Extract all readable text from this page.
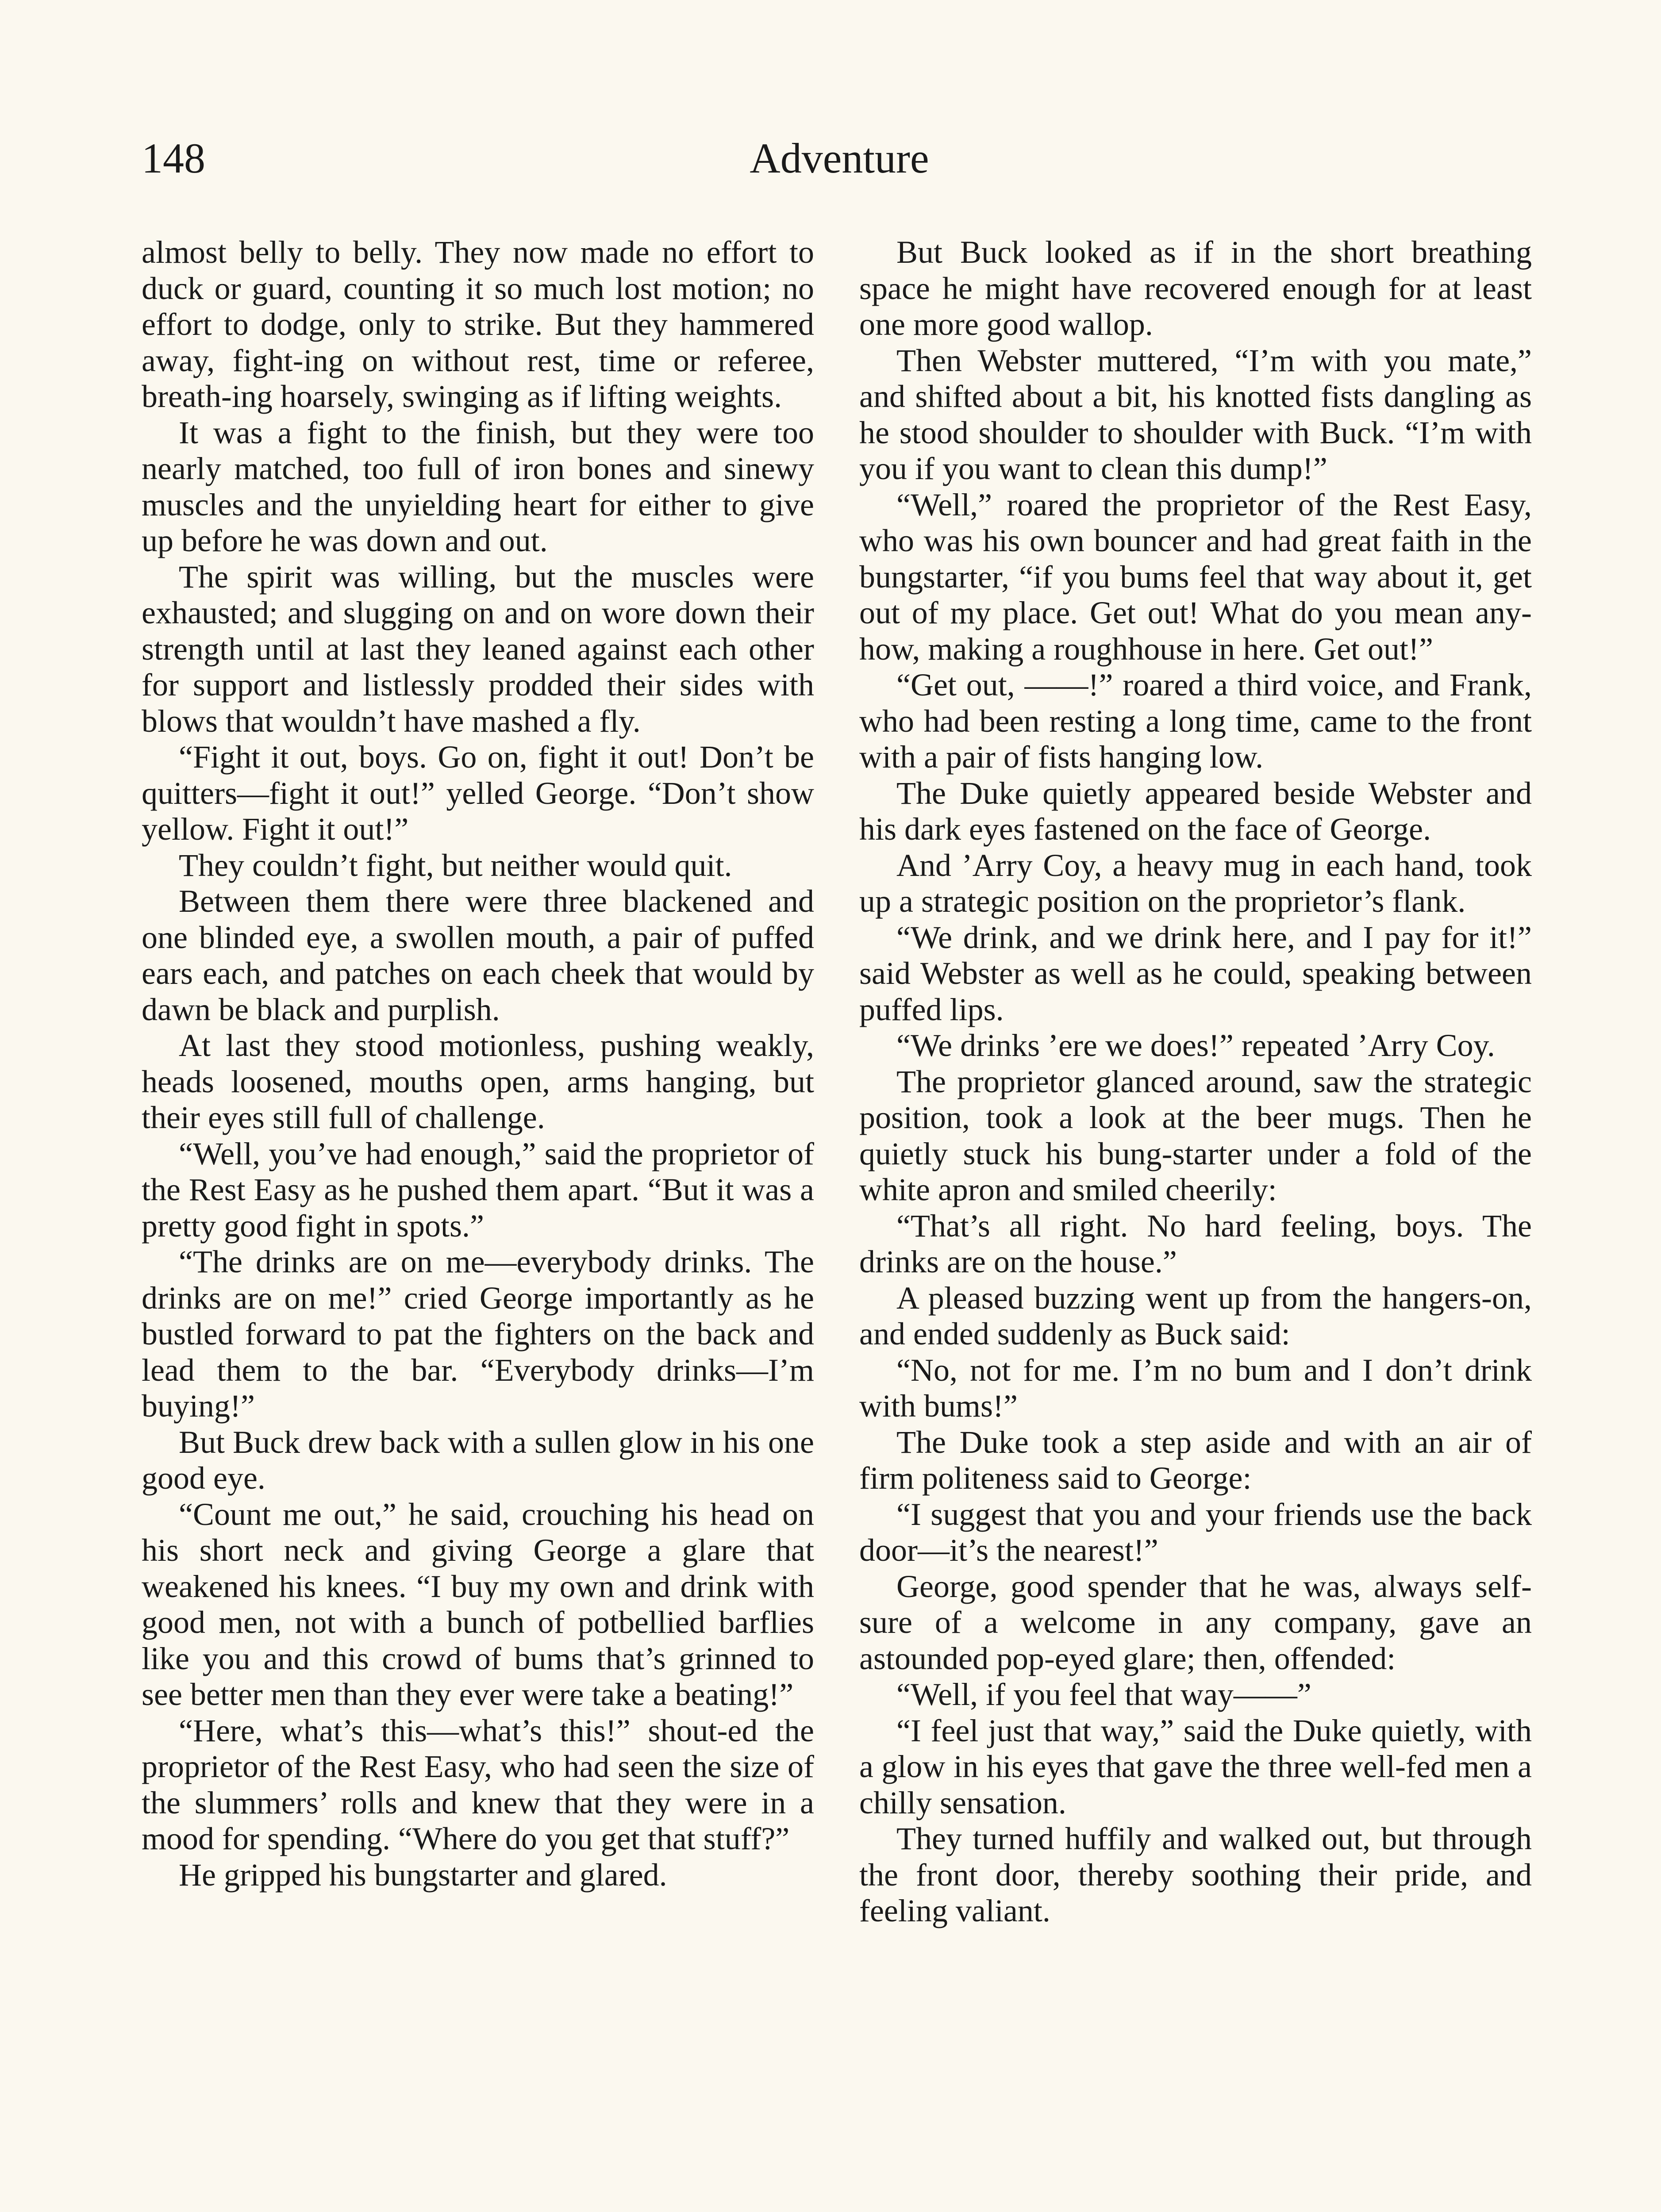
148	Adventure

almost belly to belly. They now made no effort to duck or guard, counting it so much lost motion; no effort to dodge, only to strike. But they hammered away, fight-ing on without rest, time or referee, breath-ing hoarsely, swinging as if lifting weights.

It was a fight to the finish, but they were too nearly matched, too full of iron bones and sinewy muscles and the unyielding heart for either to give up before he was down and out.

The spirit was willing, but the muscles were exhausted; and slugging on and on wore down their strength until at last they leaned against each other for support and listlessly prodded their sides with blows that wouldn’t have mashed a fly.

“Fight it out, boys. Go on, fight it out! Don’t be quitters—fight it out!” yelled George. “Don’t show yellow. Fight it out!”

They couldn’t fight, but neither would quit.

Between them there were three blackened and one blinded eye, a swollen mouth, a pair of puffed ears each, and patches on each cheek that would by dawn be black and purplish.

At last they stood motionless, pushing weakly, heads loosened, mouths open, arms hanging, but their eyes still full of challenge.

“Well, you’ve had enough,” said the proprietor of the Rest Easy as he pushed them apart. “But it was a pretty good fight in spots.”

“The drinks are on me—everybody drinks. The drinks are on me!” cried George importantly as he bustled forward to pat the fighters on the back and lead them to the bar. “Everybody drinks—I’m buying!”

But Buck drew back with a sullen glow in his one good eye.

“Count me out,” he said, crouching his head on his short neck and giving George a glare that weakened his knees. “I buy my own and drink with good men, not with a bunch of potbellied barflies like you and this crowd of bums that’s grinned to see better men than they ever were take a beating!”

“Here, what’s this—what’s this!” shout-ed the proprietor of the Rest Easy, who had seen the size of the slummers’ rolls and knew that they were in a mood for spending. “Where do you get that stuff?”

He gripped his bungstarter and glared.

But Buck looked as if in the short breathing space he might have recovered enough for at least one more good wallop.

Then Webster muttered, “I’m with you mate,” and shifted about a bit, his knotted fists dangling as he stood shoulder to shoulder with Buck. “I’m with you if you want to clean this dump!”

“Well,” roared the proprietor of the Rest Easy, who was his own bouncer and had great faith in the bungstarter, “if you bums feel that way about it, get out of my place. Get out! What do you mean any-how, making a roughhouse in here. Get out!”

“Get out, ——!” roared a third voice, and Frank, who had been resting a long time, came to the front with a pair of fists hanging low.

The Duke quietly appeared beside Webster and his dark eyes fastened on the face of George.

And ’Arry Coy, a heavy mug in each hand, took up a strategic position on the proprietor’s flank.

“We drink, and we drink here, and I pay for it!” said Webster as well as he could, speaking between puffed lips.

“We drinks ’ere we does!” repeated ’Arry Coy.

The proprietor glanced around, saw the strategic position, took a look at the beer mugs. Then he quietly stuck his bung-starter under a fold of the white apron and smiled cheerily:

“That’s all right. No hard feeling, boys. The drinks are on the house.”

A pleased buzzing went up from the hangers-on, and ended suddenly as Buck said:

“No, not for me. I’m no bum and I don’t drink with bums!”

The Duke took a step aside and with an air of firm politeness said to George:

“I suggest that you and your friends use the back door—it’s the nearest!”

George, good spender that he was, always self-sure of a welcome in any company, gave an astounded pop-eyed glare; then, offended:

“Well, if you feel that way——”

“I feel just that way,” said the Duke quietly, with a glow in his eyes that gave the three well-fed men a chilly sensation.

They turned huffily and walked out, but through the front door, thereby soothing their pride, and feeling valiant.
